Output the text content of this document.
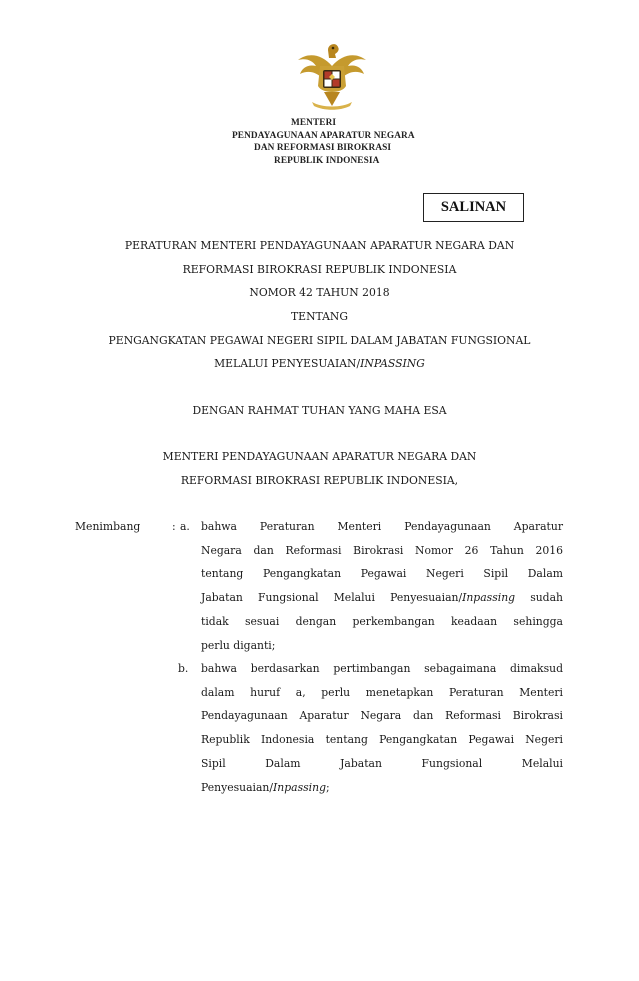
MENTERI
PENDAYAGUNAAN APARATUR NEGARA
DAN REFORMASI BIROKRASI
REPUBLIK INDONESIA
SALINAN
PERATURAN MENTERI PENDAYAGUNAAN APARATUR NEGARA DAN
REFORMASI BIROKRASI REPUBLIK INDONESIA
NOMOR 42 TAHUN 2018
TENTANG
PENGANGKATAN PEGAWAI NEGERI SIPIL DALAM JABATAN FUNGSIONAL
MELALUI PENYESUAIAN/INPASSING
DENGAN RAHMAT TUHAN YANG MAHA ESA
MENTERI PENDAYAGUNAAN APARATUR NEGARA DAN
REFORMASI BIROKRASI REPUBLIK INDONESIA,
Menimbang	: a. bahwa Peraturan Menteri Pendayagunaan Aparatur
Negara dan Reformasi Birokrasi Nomor 26 Tahun 2016
tentang Pengangkatan Pegawai Negeri Sipil Dalam
Jabatan Fungsional Melalui Penyesuaian/Inpassing sudah
tidak sesuai dengan perkembangan keadaan sehingga
perlu diganti;
b. bahwa berdasarkan pertimbangan sebagaimana dimaksud
dalam huruf a, perlu menetapkan Peraturan Menteri
Pendayagunaan Aparatur Negara dan Reformasi Birokrasi
Republik Indonesia tentang Pengangkatan Pegawai Negeri
Sipil Dalam Jabatan Fungsional Melalui
Penyesuaian/Inpassing;
